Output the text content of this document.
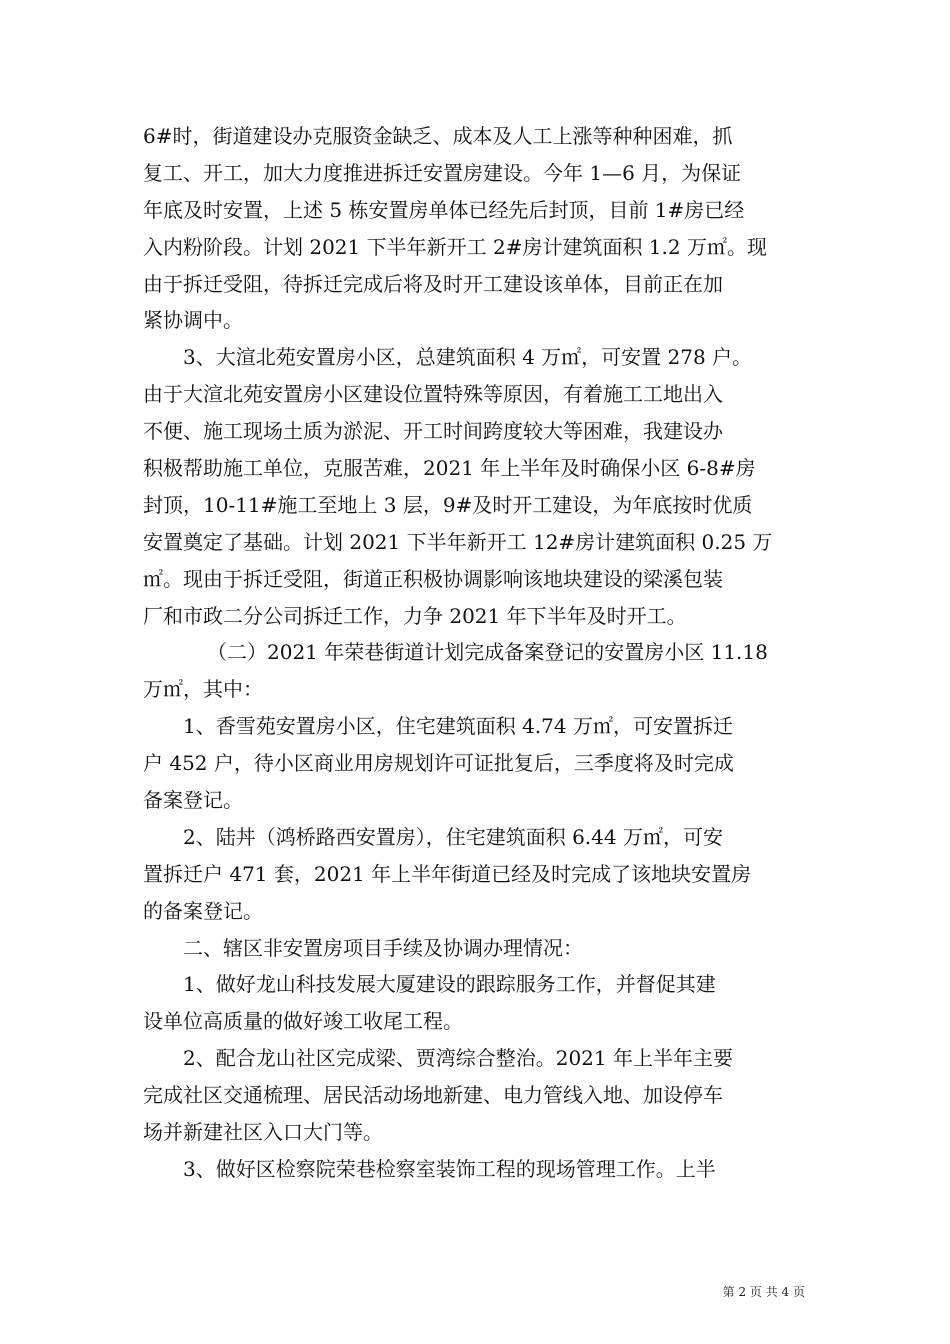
6#时，街道建设办克服资金缺乏、成本及人工上涨等种种困难，抓
复工、开工，加大力度推进拆迁安置房建设。今年 1—6 月，为保证
年底及时安置，上述 5 栋安置房单体已经先后封顶，目前 1#房已经
入内粉阶段。计划 2021 下半年新开工 2#房计建筑面积 1.2 万㎡。现
由于拆迁受阻，待拆迁完成后将及时开工建设该单体，目前正在加
紧协调中。
3、大渲北苑安置房小区，总建筑面积 4 万㎡，可安置 278 户。
由于大渲北苑安置房小区建设位置特殊等原因，有着施工工地出入
不便、施工现场土质为淤泥、开工时间跨度较大等困难，我建设办
积极帮助施工单位，克服苦难，2021 年上半年及时确保小区 6-8#房
封顶，10-11#施工至地上 3 层，9#及时开工建设，为年底按时优质
安置奠定了基础。计划 2021 下半年新开工 12#房计建筑面积 0.25 万
㎡。现由于拆迁受阻，街道正积极协调影响该地块建设的梁溪包装
厂和市政二分公司拆迁工作，力争 2021 年下半年及时开工。
（二）2021 年荣巷街道计划完成备案登记的安置房小区 11.18
万㎡，其中：
1、香雪苑安置房小区，住宅建筑面积 4.74 万㎡，可安置拆迁
户 452 户，待小区商业用房规划许可证批复后，三季度将及时完成
备案登记。
2、陆丼（鸿桥路西安置房），住宅建筑面积 6.44 万㎡，可安
置拆迁户 471 套，2021 年上半年街道已经及时完成了该地块安置房
的备案登记。
二、辖区非安置房项目手续及协调办理情况：
1、做好龙山科技发展大厦建设的跟踪服务工作，并督促其建
设单位高质量的做好竣工收尾工程。
2、配合龙山社区完成梁、贾湾综合整治。2021 年上半年主要
完成社区交通梳理、居民活动场地新建、电力管线入地、加设停车
场并新建社区入口大门等。
3、做好区检察院荣巷检察室装饰工程的现场管理工作。上半
第 2 页 共 4 页
